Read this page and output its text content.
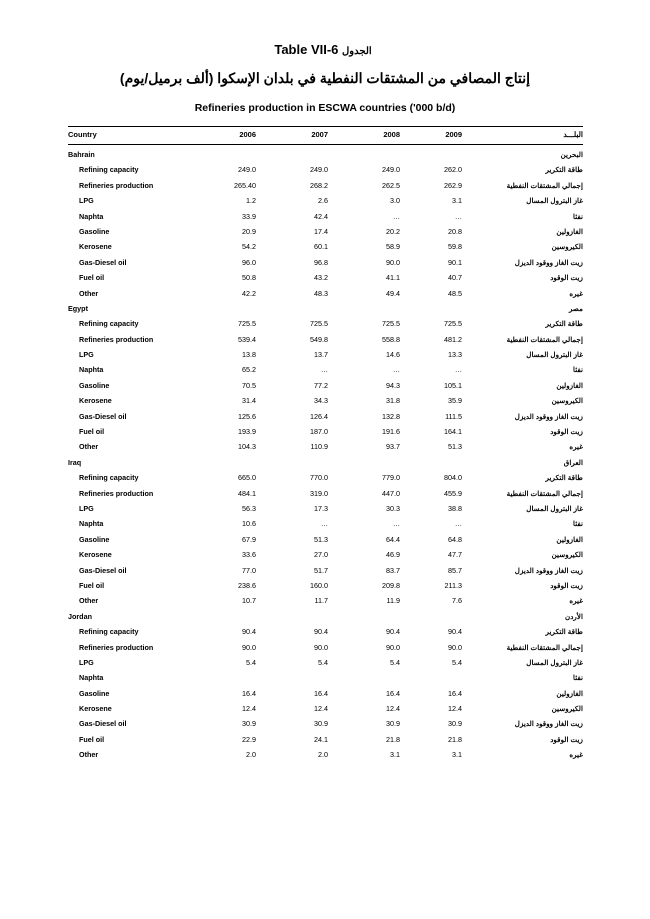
Table VII-6 الجدول
إنتاج المصافي من المشتقات النفطية في بلدان الإسكوا (ألف برميل/يوم)
Refineries production in ESCWA countries ('000 b/d)
Country	2006	2007	2008	2009	البلـــد
Bahrain	البحرين
Refining capacity	249.0	249.0	249.0	262.0	طاقة التكرير
Refineries production	265.40	268.2	262.5	262.9	إجمالي المشتقات النفطية
LPG	1.2	2.6	3.0	3.1	غاز البترول المسال
Naphta	33.9	42.4	…	…	نفثا
Gasoline	20.9	17.4	20.2	20.8	الغازولين
Kerosene	54.2	60.1	58.9	59.8	الكيروسين
Gas-Diesel oil	96.0	96.8	90.0	90.1	زيت الغاز ووقود الديزل
Fuel oil	50.8	43.2	41.1	40.7	زيت الوقود
Other	42.2	48.3	49.4	48.5	غيره
Egypt	مصر
Refining capacity	725.5	725.5	725.5	725.5	طاقة التكرير
Refineries production	539.4	549.8	558.8	481.2	إجمالي المشتقات النفطية
LPG	13.8	13.7	14.6	13.3	غاز البترول المسال
Naphta	65.2	…	…	…	نفثا
Gasoline	70.5	77.2	94.3	105.1	الغازولين
Kerosene	31.4	34.3	31.8	35.9	الكيروسين
Gas-Diesel oil	125.6	126.4	132.8	111.5	زيت الغاز ووقود الديزل
Fuel oil	193.9	187.0	191.6	164.1	زيت الوقود
Other	104.3	110.9	93.7	51.3	غيره
Iraq	العراق
Refining capacity	665.0	770.0	779.0	804.0	طاقة التكرير
Refineries production	484.1	319.0	447.0	455.9	إجمالي المشتقات النفطية
LPG	56.3	17.3	30.3	38.8	غاز البترول المسال
Naphta	10.6	…	…	…	نفثا
Gasoline	67.9	51.3	64.4	64.8	الغازولين
Kerosene	33.6	27.0	46.9	47.7	الكيروسين
Gas-Diesel oil	77.0	51.7	83.7	85.7	زيت الغاز ووقود الديزل
Fuel oil	238.6	160.0	209.8	211.3	زيت الوقود
Other	10.7	11.7	11.9	7.6	غيره
Jordan	الأردن
Refining capacity	90.4	90.4	90.4	90.4	طاقة التكرير
Refineries production	90.0	90.0	90.0	90.0	إجمالي المشتقات النفطية
LPG	5.4	5.4	5.4	5.4	غاز البترول المسال
Naphta	نفثا
Gasoline	16.4	16.4	16.4	16.4	الغازولين
Kerosene	12.4	12.4	12.4	12.4	الكيروسين
Gas-Diesel oil	30.9	30.9	30.9	30.9	زيت الغاز ووقود الديزل
Fuel oil	22.9	24.1	21.8	21.8	زيت الوقود
Other	2.0	2.0	3.1	3.1	غيره
